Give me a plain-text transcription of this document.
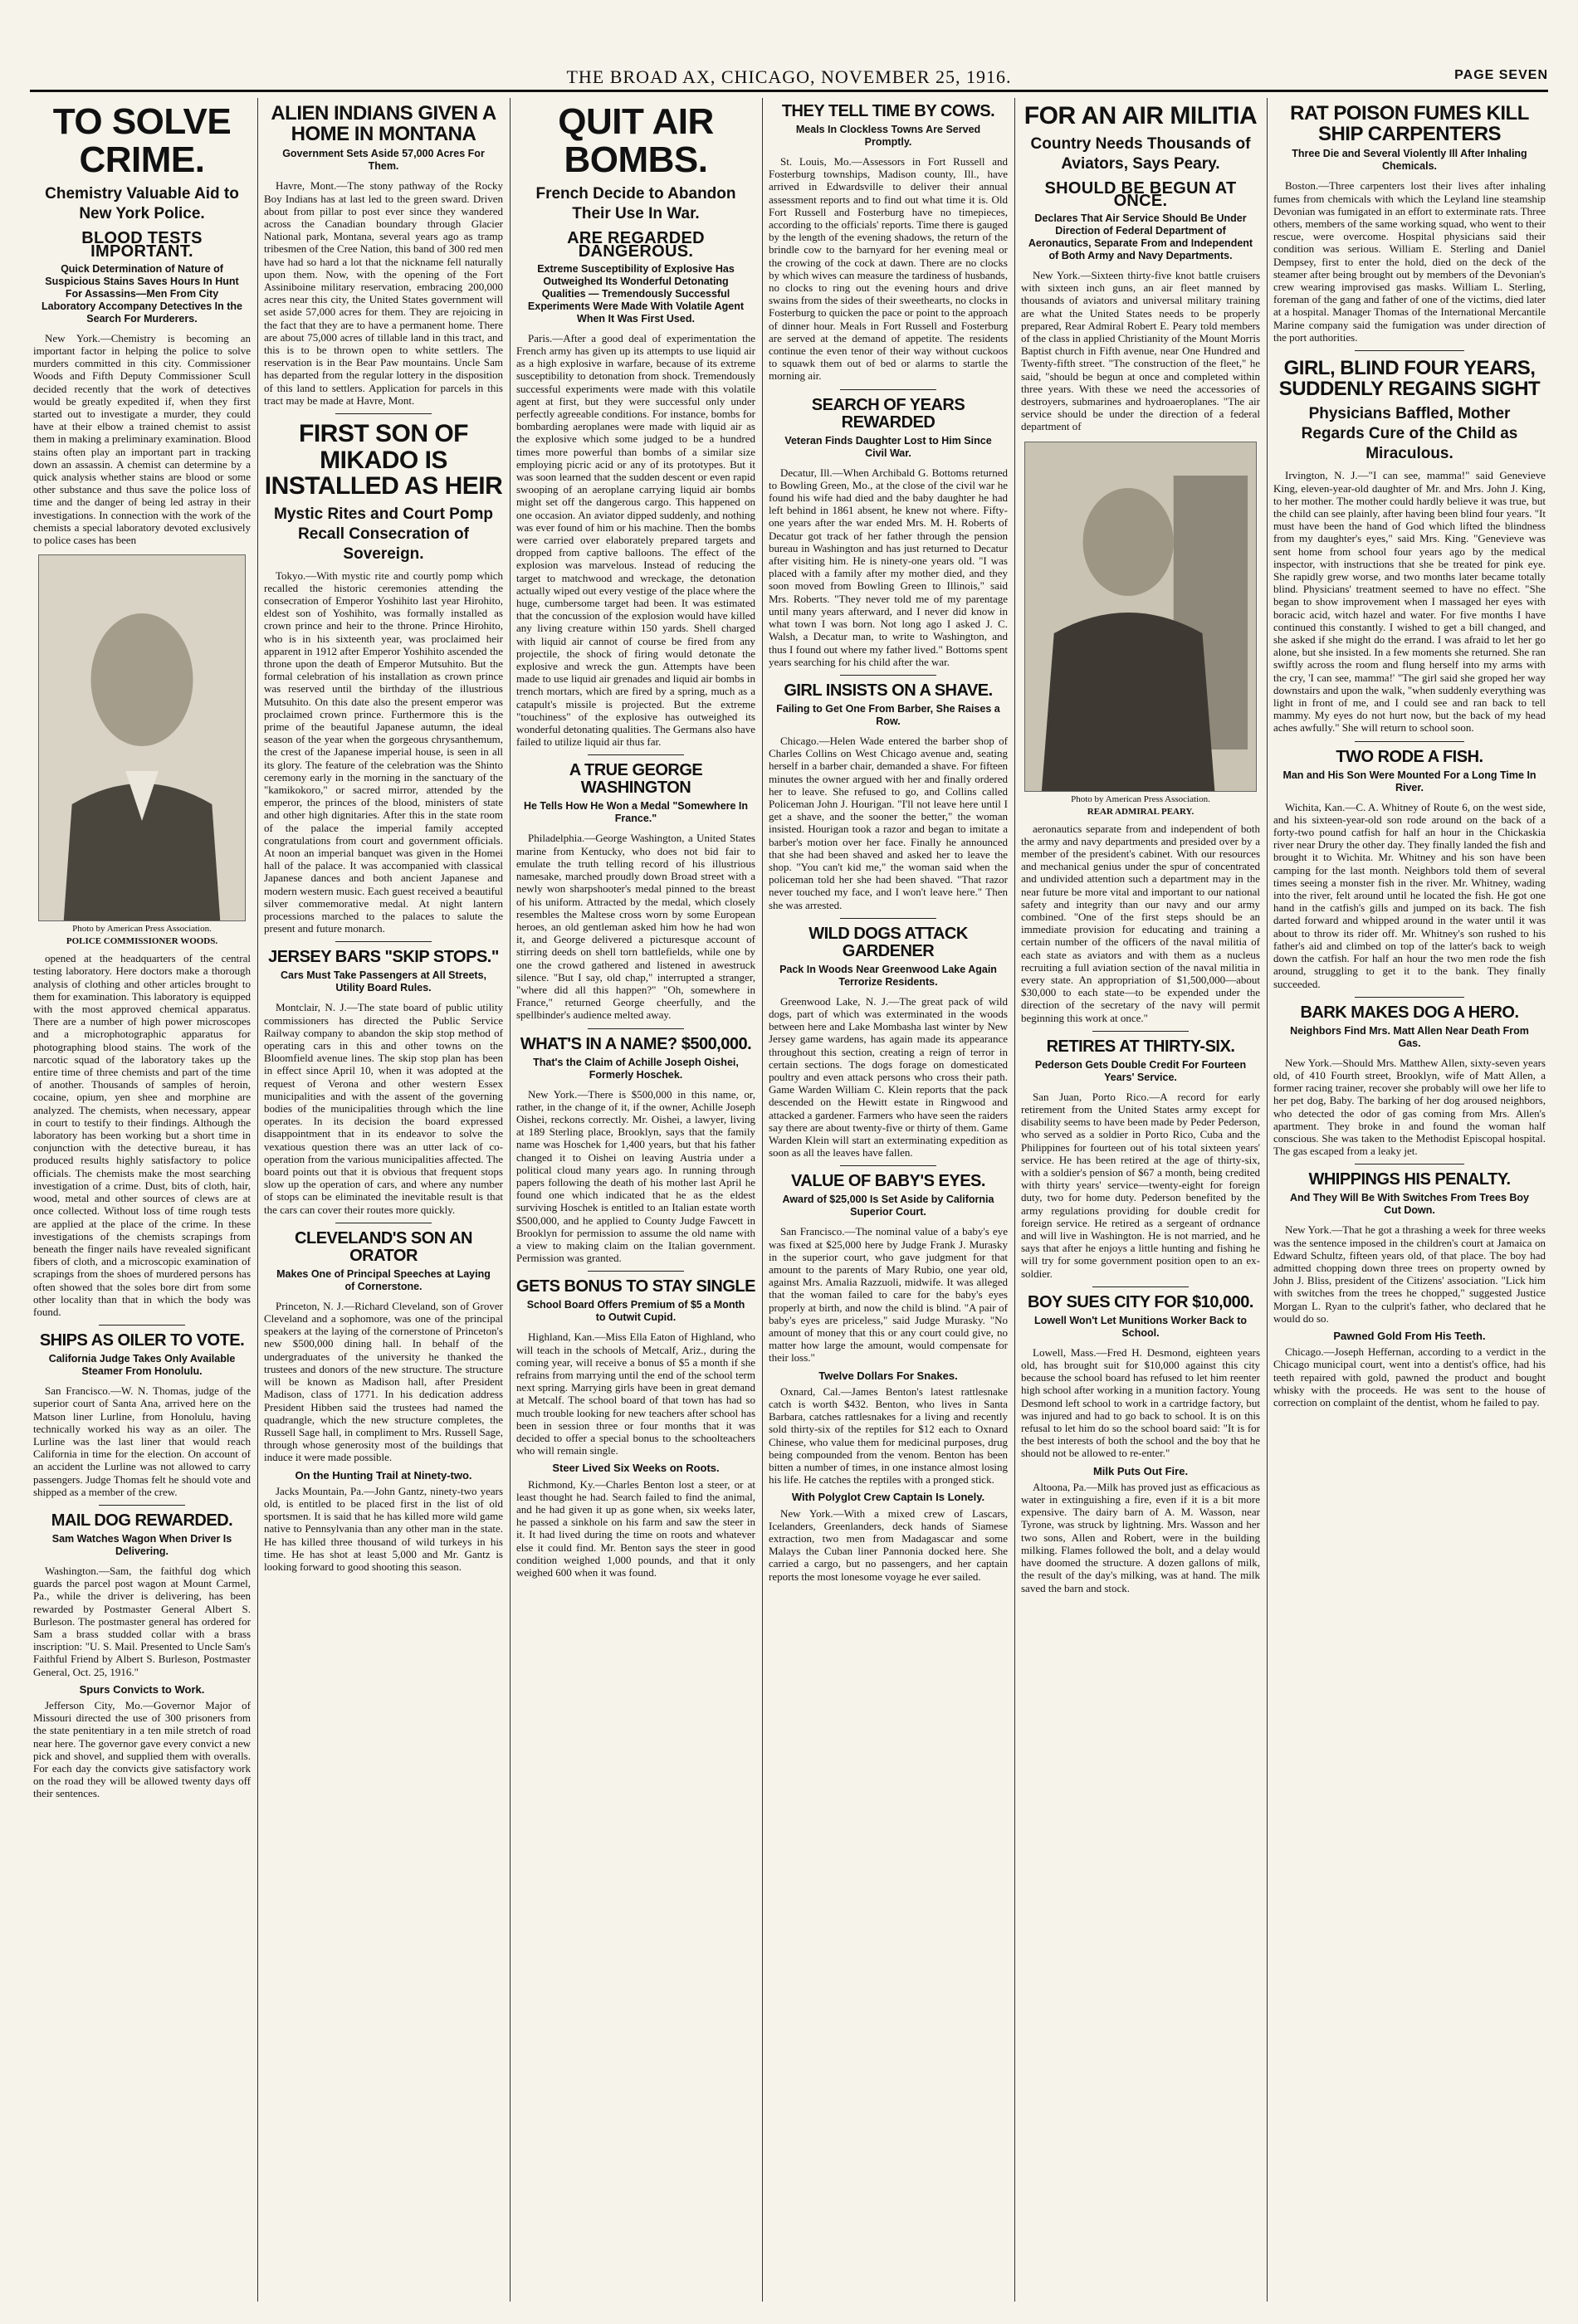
THE BROAD AX, CHICAGO, NOVEMBER 25, 1916.	PAGE SEVEN
TO SOLVE CRIME.
Chemistry Valuable Aid to New York Police.
BLOOD TESTS IMPORTANT.
Quick Determination of Nature of Suspicious Stains Saves Hours In Hunt For Assassins—Men From City Laboratory Accompany Detectives In the Search For Murderers.

New York.—Chemistry is becoming an important factor in helping the police to solve murders committed in this city. Commissioner Woods and Fifth Deputy Commissioner Scull decided recently that the work of detectives would be greatly expedited if, when they first started out to investigate a murder, they could have at their elbow a trained chemist to assist them in making a preliminary examination. Blood stains often play an important part in tracking down an assassin. A chemist can determine by a quick analysis whether stains are blood or some other substance and thus save the police loss of time and the danger of being led astray in their investigations. In connection with the work of the chemists a special laboratory devoted exclusively to police cases has been

Photo by American Press Association.
POLICE COMMISSIONER WOODS.

opened at the headquarters of the central testing laboratory. Here doctors make a thorough analysis of clothing and other articles brought to them for examination. This laboratory is equipped with the most approved chemical apparatus. There are a number of high power microscopes and a microphotographic apparatus for photographing blood stains. The work of the narcotic squad of the laboratory takes up the entire time of three chemists and part of the time of another. Thousands of samples of heroin, cocaine, opium, yen shee and morphine are analyzed. The chemists, when necessary, appear in court to testify to their findings. Although the laboratory has been working but a short time in conjunction with the detective bureau, it has produced results highly satisfactory to police officials. The chemists make the most searching investigation of a crime. Dust, bits of cloth, hair, wood, metal and other sources of clews are at once collected. Without loss of time rough tests are applied at the place of the crime. In these investigations of the chemists scrapings from beneath the finger nails have revealed significant fibers of cloth, and a microscopic examination of scrapings from the shoes of murdered persons has often showed that the soles bore dirt from some other locality than that in which the body was found.

SHIPS AS OILER TO VOTE.
California Judge Takes Only Available Steamer From Honolulu.

San Francisco.—W. N. Thomas, judge of the superior court of Santa Ana, arrived here on the Matson liner Lurline, from Honolulu, having technically worked his way as an oiler. The Lurline was the last liner that would reach California in time for the election. On account of an accident the Lurline was not allowed to carry passengers. Judge Thomas felt he should vote and shipped as a member of the crew.

MAIL DOG REWARDED.
Sam Watches Wagon When Driver Is Delivering.

Washington.—Sam, the faithful dog which guards the parcel post wagon at Mount Carmel, Pa., while the driver is delivering, has been rewarded by Postmaster General Albert S. Burleson. The postmaster general has ordered for Sam a brass studded collar with a brass inscription: "U. S. Mail. Presented to Uncle Sam's Faithful Friend by Albert S. Burleson, Postmaster General, Oct. 25, 1916."

Spurs Convicts to Work.

Jefferson City, Mo.—Governor Major of Missouri directed the use of 300 prisoners from the state penitentiary in a ten mile stretch of road near here. The governor gave every convict a new pick and shovel, and supplied them with overalls. For each day the convicts give satisfactory work on the road they will be allowed twenty days off their sentences.

ALIEN INDIANS GIVEN A HOME IN MONTANA
Government Sets Aside 57,000 Acres For Them.

Havre, Mont.—The stony pathway of the Rocky Boy Indians has at last led to the green sward. Driven about from pillar to post ever since they wandered across the Canadian boundary through Glacier National park, Montana, several years ago as tramp tribesmen of the Cree Nation, this band of 300 red men have had so hard a lot that the nickname fell naturally upon them. Now, with the opening of the Fort Assiniboine military reservation, embracing 200,000 acres near this city, the United States government will set aside 57,000 acres for them. They are rejoicing in the fact that they are to have a permanent home. There are about 75,000 acres of tillable land in this tract, and this is to be thrown open to white settlers. The reservation is in the Bear Paw mountains. Uncle Sam has departed from the regular lottery in the disposition of this land to settlers. Application for parcels in this tract may be made at Havre, Mont.

FIRST SON OF MIKADO IS INSTALLED AS HEIR
Mystic Rites and Court Pomp Recall Consecration of Sovereign.

Tokyo.—With mystic rite and courtly pomp which recalled the historic ceremonies attending the consecration of Emperor Yoshihito last year Hirohito, eldest son of Yoshihito, was formally installed as crown prince and heir to the throne. Prince Hirohito, who is in his sixteenth year, was proclaimed heir apparent in 1912 after Emperor Yoshihito ascended the throne upon the death of Emperor Mutsuhito. But the formal celebration of his installation as crown prince was reserved until the birthday of the illustrious Mutsuhito. On this date also the present emperor was proclaimed crown prince. Furthermore this is the prime of the beautiful Japanese autumn, the ideal season of the year when the gorgeous chrysanthemum, the crest of the Japanese imperial house, is seen in all its glory. The feature of the celebration was the Shinto ceremony early in the morning in the sanctuary of the "kamikokoro," or sacred mirror, attended by the emperor, the princes of the blood, ministers of state and other high dignitaries. After this in the state room of the palace the imperial family accepted congratulations from court and government officials. At noon an imperial banquet was given in the Homei hall of the palace. It was accompanied with classical Japanese dances and both ancient Japanese and modern western music. Each guest received a beautiful silver commemorative medal. At night lantern processions marched to the palaces to salute the present and future monarch.

JERSEY BARS "SKIP STOPS."
Cars Must Take Passengers at All Streets, Utility Board Rules.

Montclair, N. J.—The state board of public utility commissioners has directed the Public Service Railway company to abandon the skip stop method of operating cars in this and other towns on the Bloomfield avenue lines. The skip stop plan has been in effect since April 10, when it was adopted at the request of Verona and other western Essex municipalities and with the assent of the governing bodies of the municipalities through which the line operates. In its decision the board expressed disappointment that in its endeavor to solve the vexatious question there was an utter lack of co-operation from the various municipalities affected. The board points out that it is obvious that frequent stops slow up the operation of cars, and where any number of stops can be eliminated the inevitable result is that the cars can cover their routes more quickly.

CLEVELAND'S SON AN ORATOR
Makes One of Principal Speeches at Laying of Cornerstone.

Princeton, N. J.—Richard Cleveland, son of Grover Cleveland and a sophomore, was one of the principal speakers at the laying of the cornerstone of Princeton's new $500,000 dining hall. In behalf of the undergraduates of the university he thanked the trustees and donors of the new structure. The structure will be known as Madison hall, after President Madison, class of 1771. In his dedication address President Hibben said the trustees had named the quadrangle, which the new structure completes, the Russell Sage hall, in compliment to Mrs. Russell Sage, through whose generosity most of the buildings that induce it were made possible.

On the Hunting Trail at Ninety-two.

Jacks Mountain, Pa.—John Gantz, ninety-two years old, is entitled to be placed first in the list of old sportsmen. It is said that he has killed more wild game native to Pennsylvania than any other man in the state. He has killed three thousand of wild turkeys in his time. He has shot at least 5,000 and Mr. Gantz is looking forward to good shooting this season.

QUIT AIR BOMBS.
French Decide to Abandon Their Use In War.
ARE REGARDED DANGEROUS.
Extreme Susceptibility of Explosive Has Outweighed Its Wonderful Detonating Qualities — Tremendously Successful Experiments Were Made With Volatile Agent When It Was First Used.

Paris.—After a good deal of experimentation the French army has given up its attempts to use liquid air as a high explosive in warfare, because of its extreme susceptibility to detonation from shock. Tremendously successful experiments were made with this volatile agent at first, but they were successful only under perfectly agreeable conditions. For instance, bombs for bombarding aeroplanes were made with liquid air as the explosive which some judged to be a hundred times more powerful than bombs of a similar size employing picric acid or any of its prototypes. But it was soon learned that the sudden descent or even rapid swooping of an aeroplane carrying liquid air bombs might set off the dangerous cargo. This happened on one occasion. An aviator dipped suddenly, and nothing was ever found of him or his machine. Then the bombs were carried over elaborately prepared targets and dropped from captive balloons. The effect of the explosion was marvelous. Instead of reducing the target to matchwood and wreckage, the detonation actually wiped out every vestige of the place where the huge, cumbersome target had been. It was estimated that the concussion of the explosion would have killed any living creature within 150 yards. Shell charged with liquid air cannot of course be fired from any projectile, the shock of firing would detonate the explosive and wreck the gun. Attempts have been made to use liquid air grenades and liquid air bombs in trench mortars, which are fired by a spring, much as a catapult's missile is projected. But the extreme "touchiness" of the explosive has outweighed its wonderful detonating qualities. The Germans also have failed to utilize liquid air thus far.

A TRUE GEORGE WASHINGTON
He Tells How He Won a Medal "Somewhere In France."

Philadelphia.—George Washington, a United States marine from Kentucky, who does not bid fair to emulate the truth telling record of his illustrious namesake, marched proudly down Broad street with a newly won sharpshooter's medal pinned to the breast of his uniform. Attracted by the medal, which closely resembles the Maltese cross worn by some European heroes, an old gentleman asked him how he had won it, and George delivered a picturesque account of stirring deeds on shell torn battlefields, while one by one the crowd gathered and listened in awestruck silence. "But I say, old chap," interrupted a stranger, "where did all this happen?" "Oh, somewhere in France," returned George cheerfully, and the spellbinder's audience melted away.

WHAT'S IN A NAME? $500,000.
That's the Claim of Achille Joseph Oishei, Formerly Hoschek.

New York.—There is $500,000 in this name, or, rather, in the change of it, if the owner, Achille Joseph Oishei, reckons correctly. Mr. Oishei, a lawyer, living at 189 Sterling place, Brooklyn, says that the family name was Hoschek for 1,400 years, but that his father changed it to Oishei on leaving Austria under a political cloud many years ago. In running through papers following the death of his mother last April he found one which indicated that he as the eldest surviving Hoschek is entitled to an Italian estate worth $500,000, and he applied to County Judge Fawcett in Brooklyn for permission to assume the old name with a view to making claim on the Italian government. Permission was granted.

GETS BONUS TO STAY SINGLE
School Board Offers Premium of $5 a Month to Outwit Cupid.

Highland, Kan.—Miss Ella Eaton of Highland, who will teach in the schools of Metcalf, Ariz., during the coming year, will receive a bonus of $5 a month if she refrains from marrying until the end of the school term next spring. Marrying girls have been in great demand at Metcalf. The school board of that town has had so much trouble looking for new teachers after school has been in session three or four months that it was decided to offer a special bonus to the schoolteachers who will remain single.

Steer Lived Six Weeks on Roots.

Richmond, Ky.—Charles Benton lost a steer, or at least thought he had. Search failed to find the animal, and he had given it up as gone when, six weeks later, he passed a sinkhole on his farm and saw the steer in it. It had lived during the time on roots and whatever else it could find. Mr. Benton says the steer in good condition weighed 1,000 pounds, and that it only weighed 600 when it was found.

THEY TELL TIME BY COWS.
Meals In Clockless Towns Are Served Promptly.

St. Louis, Mo.—Assessors in Fort Russell and Fosterburg townships, Madison county, Ill., have arrived in Edwardsville to deliver their annual assessment reports and to find out what time it is. Old Fort Russell and Fosterburg have no timepieces, according to the officials' reports. Time there is gauged by the length of the evening shadows, the return of the brindle cow to the barnyard for her evening meal or the crowing of the cock at dawn. There are no clocks by which wives can measure the tardiness of husbands, no clocks to ring out the evening hours and drive swains from the sides of their sweethearts, no clocks in Fosterburg to quicken the pace or point to the approach of dinner hour. Meals in Fort Russell and Fosterburg are served at the demand of appetite. The residents continue the even tenor of their way without cuckoos to squawk them out of bed or alarms to startle the morning air.

SEARCH OF YEARS REWARDED
Veteran Finds Daughter Lost to Him Since Civil War.

Decatur, Ill.—When Archibald G. Bottoms returned to Bowling Green, Mo., at the close of the civil war he found his wife had died and the baby daughter he had left behind in 1861 absent, he knew not where. Fifty-one years after the war ended Mrs. M. H. Roberts of Decatur got track of her father through the pension bureau in Washington and has just returned to Decatur after visiting him. He is ninety-one years old. "I was placed with a family after my mother died, and they soon moved from Bowling Green to Illinois," said Mrs. Roberts. "They never told me of my parentage until many years afterward, and I never did know in what town I was born. Not long ago I asked J. C. Walsh, a Decatur man, to write to Washington, and thus I found out where my father lived." Bottoms spent years searching for his child after the war.

GIRL INSISTS ON A SHAVE.
Failing to Get One From Barber, She Raises a Row.

Chicago.—Helen Wade entered the barber shop of Charles Collins on West Chicago avenue and, seating herself in a barber chair, demanded a shave. For fifteen minutes the owner argued with her and finally ordered her to leave. She refused to go, and Collins called Policeman John J. Hourigan. "I'll not leave here until I get a shave, and the sooner the better," the woman insisted. Hourigan took a razor and began to imitate a barber's motion over her face. Finally he announced that she had been shaved and asked her to leave the shop. "You can't kid me," the woman said when the policeman told her she had been shaved. "That razor never touched my face, and I won't leave here." Then she was arrested.

WILD DOGS ATTACK GARDENER
Pack In Woods Near Greenwood Lake Again Terrorize Residents.

Greenwood Lake, N. J.—The great pack of wild dogs, part of which was exterminated in the woods between here and Lake Mombasha last winter by New Jersey game wardens, has again made its appearance throughout this section, creating a reign of terror in certain sections. The dogs forage on domesticated poultry and even attack persons who cross their path. Game Warden William C. Klein reports that the pack descended on the Hewitt estate in Ringwood and attacked a gardener. Farmers who have seen the raiders say there are about twenty-five or thirty of them. Game Warden Klein will start an exterminating expedition as soon as all the leaves have fallen.

VALUE OF BABY'S EYES.
Award of $25,000 Is Set Aside by California Superior Court.

San Francisco.—The nominal value of a baby's eye was fixed at $25,000 here by Judge Frank J. Murasky in the superior court, who gave judgment for that amount to the parents of Mary Rubio, one year old, against Mrs. Amalia Razzuoli, midwife. It was alleged that the woman failed to care for the baby's eyes properly at birth, and now the child is blind. "A pair of baby's eyes are priceless," said Judge Murasky. "No amount of money that this or any court could give, no matter how large the amount, would compensate for their loss."

Twelve Dollars For Snakes.

Oxnard, Cal.—James Benton's latest rattlesnake catch is worth $432. Benton, who lives in Santa Barbara, catches rattlesnakes for a living and recently sold thirty-six of the reptiles for $12 each to Oxnard Chinese, who value them for medicinal purposes, drug being compounded from the venom. Benton has been bitten a number of times, in one instance almost losing his life. He catches the reptiles with a pronged stick.

With Polyglot Crew Captain Is Lonely.

New York.—With a mixed crew of Lascars, Icelanders, Greenlanders, deck hands of Siamese extraction, two men from Madagascar and some Malays the Cuban liner Pannonia docked here. She carried a cargo, but no passengers, and her captain reports the most lonesome voyage he ever sailed.

FOR AN AIR MILITIA
Country Needs Thousands of Aviators, Says Peary.
SHOULD BE BEGUN AT ONCE.
Declares That Air Service Should Be Under Direction of Federal Department of Aeronautics, Separate From and Independent of Both Army and Navy Departments.

New York.—Sixteen thirty-five knot battle cruisers with sixteen inch guns, an air fleet manned by thousands of aviators and universal military training are what the United States needs to be properly prepared, Rear Admiral Robert E. Peary told members of the class in applied Christianity of the Mount Morris Baptist church in Fifth avenue, near One Hundred and Twenty-fifth street. "The construction of the fleet," he said, "should be begun at once and completed within three years. With these we need the accessories of destroyers, submarines and hydroaeroplanes. "The air service should be under the direction of a federal department of

Photo by American Press Association.
REAR ADMIRAL PEARY.

aeronautics separate from and independent of both the army and navy departments and presided over by a member of the president's cabinet. With our resources and mechanical genius under the spur of concentrated and undivided attention such a department may in the near future be more vital and important to our national safety and integrity than our navy and our army combined. "One of the first steps should be an immediate provision for educating and training a certain number of the officers of the naval militia of each state as aviators and with them as a nucleus recruiting a full aviation section of the naval militia in every state. An appropriation of $1,500,000—about $30,000 to each state—to be expended under the direction of the secretary of the navy will permit beginning this work at once."

RETIRES AT THIRTY-SIX.
Pederson Gets Double Credit For Fourteen Years' Service.

San Juan, Porto Rico.—A record for early retirement from the United States army except for disability seems to have been made by Peder Pederson, who served as a soldier in Porto Rico, Cuba and the Philippines for fourteen out of his total sixteen years' service. He has been retired at the age of thirty-six, with a soldier's pension of $67 a month, being credited with thirty years' service—twenty-eight for foreign duty, two for home duty. Pederson benefited by the army regulations providing for double credit for foreign service. He retired as a sergeant of ordnance and will live in Washington. He is not married, and he says that after he enjoys a little hunting and fishing he will try for some government position open to an ex-soldier.

BOY SUES CITY FOR $10,000.
Lowell Won't Let Munitions Worker Back to School.

Lowell, Mass.—Fred H. Desmond, eighteen years old, has brought suit for $10,000 against this city because the school board has refused to let him reenter high school after working in a munition factory. Young Desmond left school to work in a cartridge factory, but was injured and had to go back to school. It is on this refusal to let him do so the school board said: "It is for the best interests of both the school and the boy that he should not be allowed to re-enter."

Milk Puts Out Fire.

Altoona, Pa.—Milk has proved just as efficacious as water in extinguishing a fire, even if it is a bit more expensive. The dairy barn of A. M. Wasson, near Tyrone, was struck by lightning. Mrs. Wasson and her two sons, Allen and Robert, were in the building milking. Flames followed the bolt, and a delay would have doomed the structure. A dozen gallons of milk, the result of the day's milking, was at hand. The milk saved the barn and stock.

RAT POISON FUMES KILL SHIP CARPENTERS
Three Die and Several Violently Ill After Inhaling Chemicals.

Boston.—Three carpenters lost their lives after inhaling fumes from chemicals with which the Leyland line steamship Devonian was fumigated in an effort to exterminate rats. Three others, members of the same working squad, who went to their rescue, were overcome. Hospital physicians said their condition was serious. William E. Sterling and Daniel Dempsey, first to enter the hold, died on the deck of the steamer after being brought out by members of the Devonian's crew wearing improvised gas masks. William L. Sterling, foreman of the gang and father of one of the victims, died later at a hospital. Manager Thomas of the International Mercantile Marine company said the fumigation was under direction of the port authorities.

GIRL, BLIND FOUR YEARS, SUDDENLY REGAINS SIGHT
Physicians Baffled, Mother Regards Cure of the Child as Miraculous.

Irvington, N. J.—"I can see, mamma!" said Genevieve King, eleven-year-old daughter of Mr. and Mrs. John J. King, to her mother. The mother could hardly believe it was true, but the child can see plainly, after having been blind four years. "It must have been the hand of God which lifted the blindness from my daughter's eyes," said Mrs. King. "Genevieve was sent home from school four years ago by the medical inspector, with instructions that she be treated for pink eye. She rapidly grew worse, and two months later became totally blind. Physicians' treatment seemed to have no effect. "She began to show improvement when I massaged her eyes with boracic acid, witch hazel and water. For five months I have continued this constantly. I wished to get a bill changed, and she asked if she might do the errand. I was afraid to let her go alone, but she insisted. In a few moments she returned. She ran swiftly across the room and flung herself into my arms with the cry, 'I can see, mamma!' "The girl said she groped her way downstairs and upon the walk, "when suddenly everything was light in front of me, and I could see and ran back to tell mammy. My eyes do not hurt now, but the back of my head aches awfully." She will return to school soon.

TWO RODE A FISH.
Man and His Son Were Mounted For a Long Time In River.

Wichita, Kan.—C. A. Whitney of Route 6, on the west side, and his sixteen-year-old son rode around on the back of a forty-two pound catfish for half an hour in the Chickaskia river near Drury the other day. They finally landed the fish and brought it to Wichita. Mr. Whitney and his son have been camping for the last month. Neighbors told them of several times seeing a monster fish in the river. Mr. Whitney, wading into the river, felt around until he located the fish. He got one hand in the catfish's gills and jumped on its back. The fish darted forward and whipped around in the water until it was about to throw its rider off. Mr. Whitney's son rushed to his father's aid and climbed on top of the latter's back to weigh down the catfish. For half an hour the two men rode the fish around, struggling to get it to the bank. They finally succeeded.

BARK MAKES DOG A HERO.
Neighbors Find Mrs. Matt Allen Near Death From Gas.

New York.—Should Mrs. Matthew Allen, sixty-seven years old, of 410 Fourth street, Brooklyn, wife of Matt Allen, a former racing trainer, recover she probably will owe her life to her pet dog, Baby. The barking of her dog aroused neighbors, who detected the odor of gas coming from Mrs. Allen's apartment. They broke in and found the woman half conscious. She was taken to the Methodist Episcopal hospital. The gas escaped from a leaky jet.

WHIPPINGS HIS PENALTY.
And They Will Be With Switches From Trees Boy Cut Down.

New York.—That he got a thrashing a week for three weeks was the sentence imposed in the children's court at Jamaica on Edward Schultz, fifteen years old, of that place. The boy had admitted chopping down three trees on property owned by John J. Bliss, president of the Citizens' association. "Lick him with switches from the trees he chopped," suggested Justice Morgan L. Ryan to the culprit's father, who declared that he would do so.

Pawned Gold From His Teeth.

Chicago.—Joseph Heffernan, according to a verdict in the Chicago municipal court, went into a dentist's office, had his teeth repaired with gold, pawned the product and bought whisky with the proceeds. He was sent to the house of correction on complaint of the dentist, whom he failed to pay.
